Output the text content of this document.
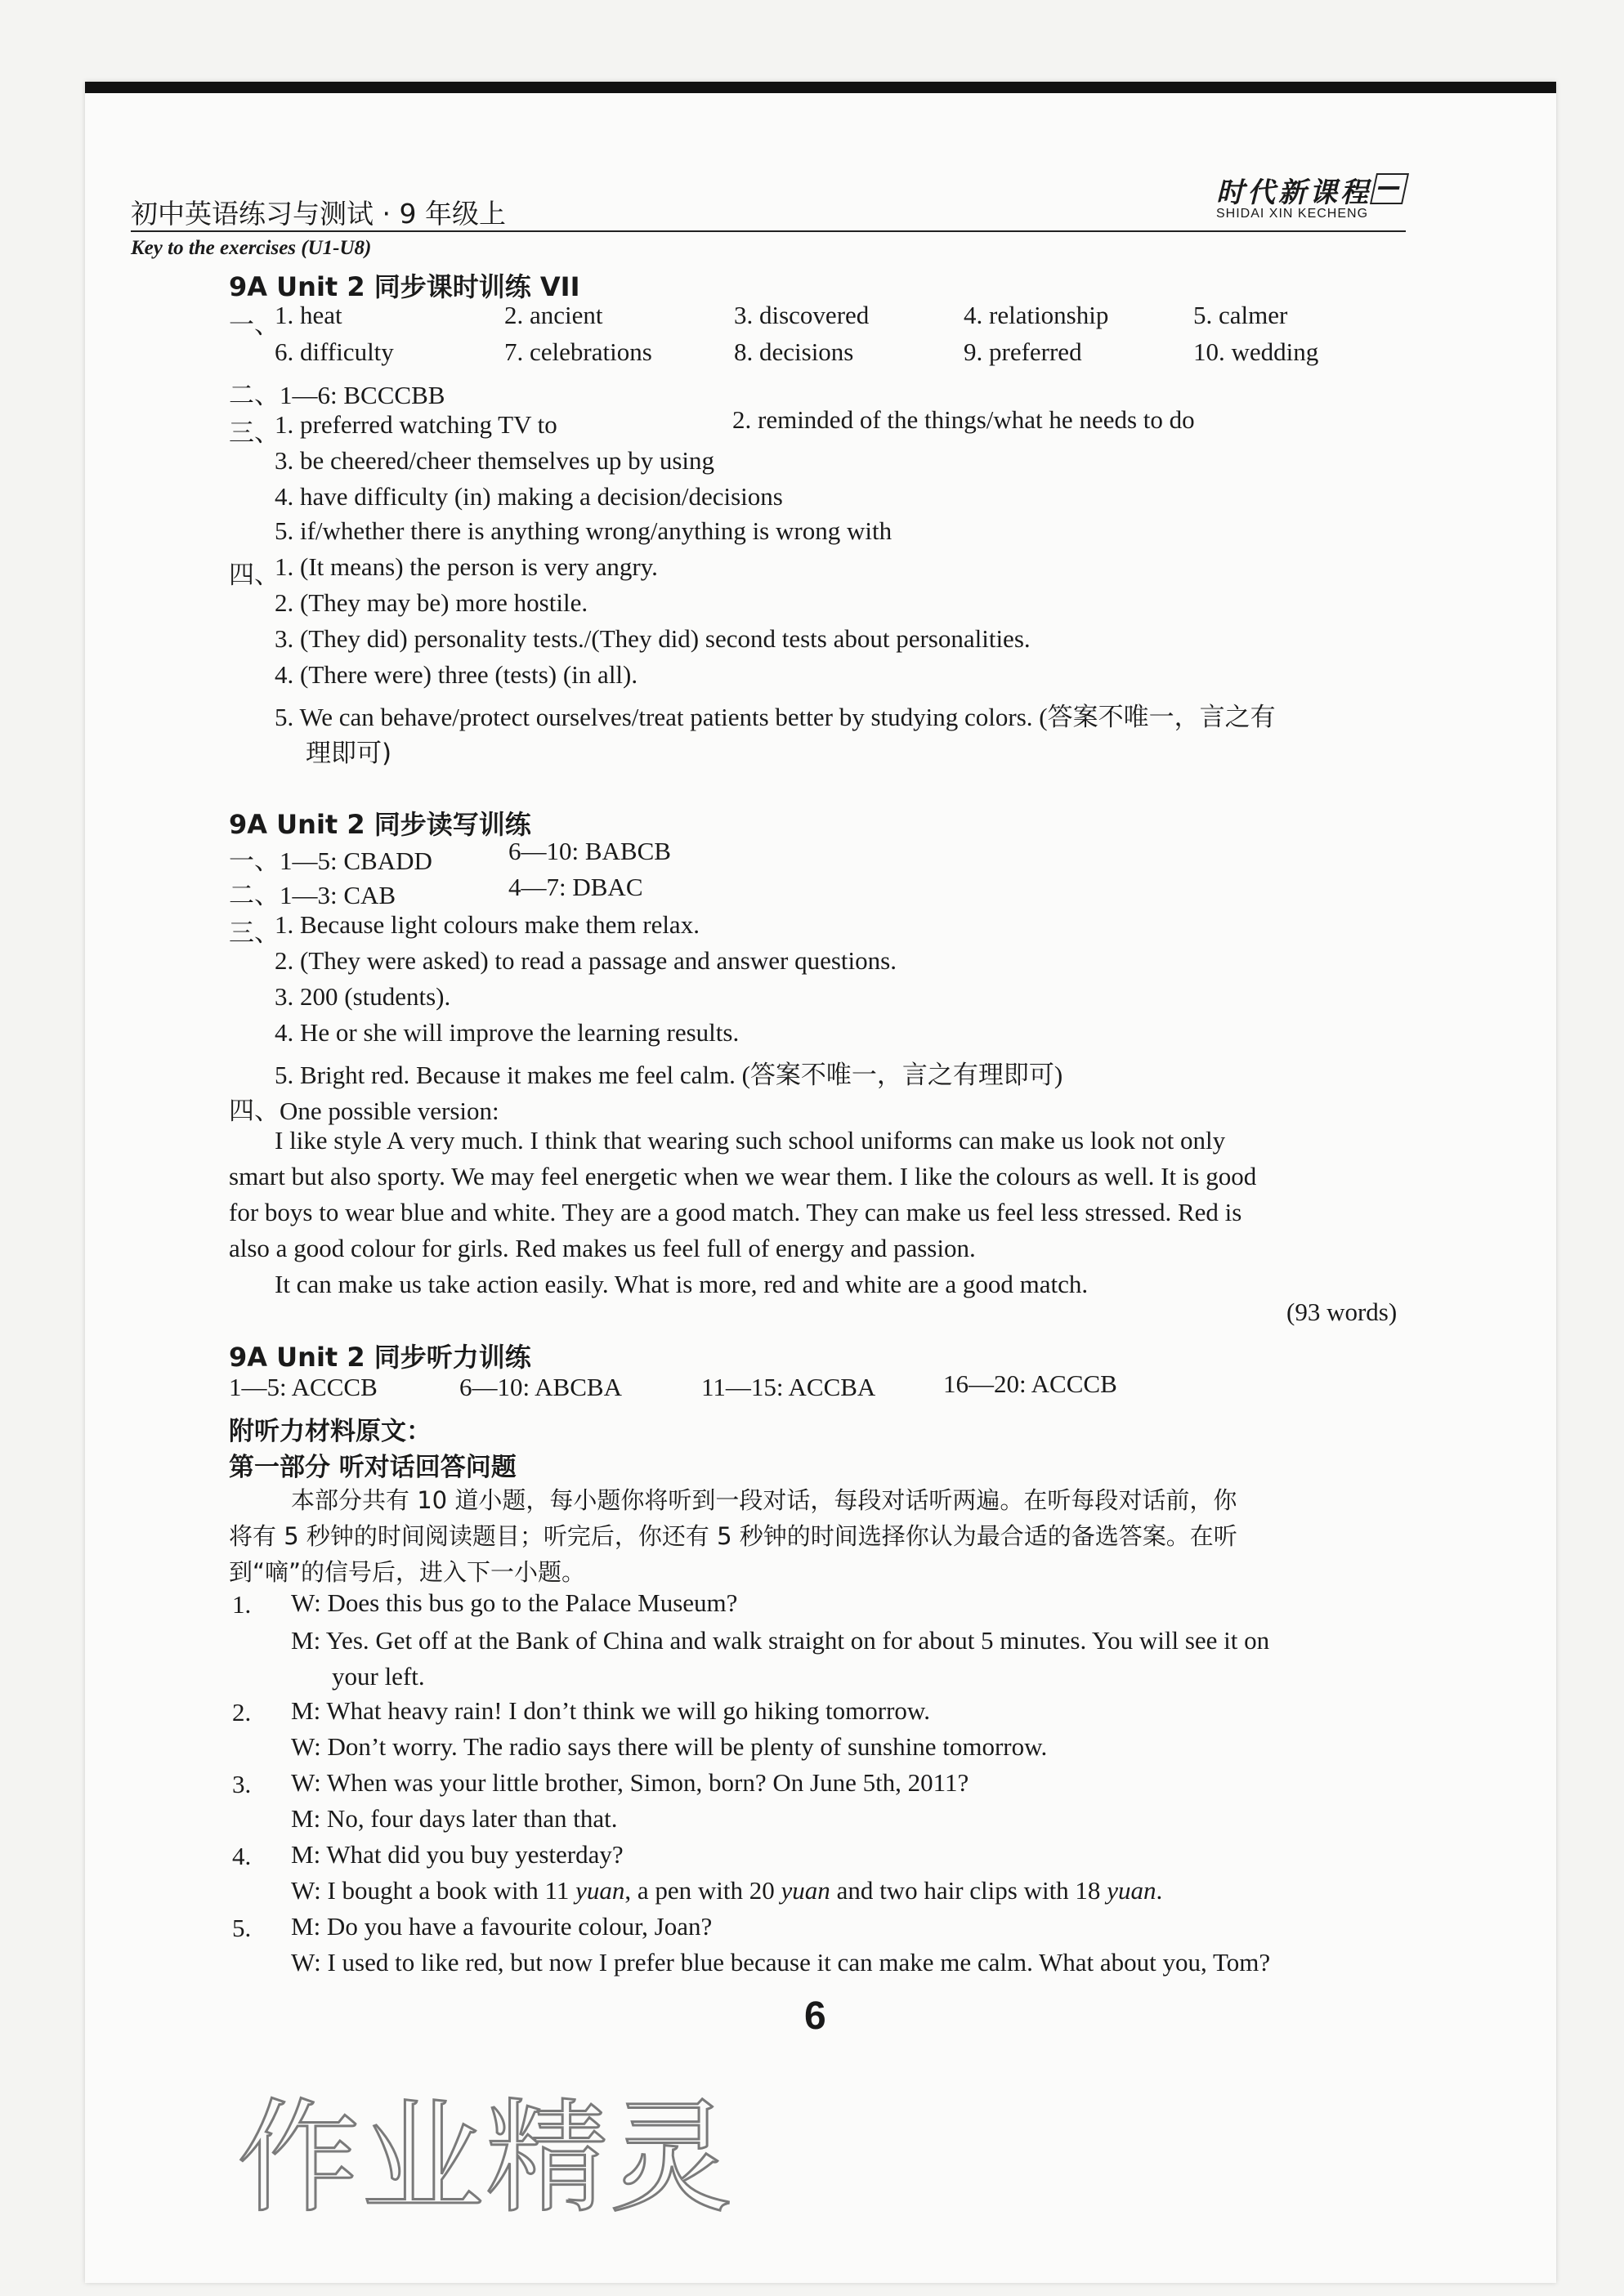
初中英语练习与测试 · 9 年级上
Key to the exercises (U1-U8)
时代新课程
SHIDAI XIN KECHENG
9A Unit 2 同步课时训练 VII
一、
1. heat	2. ancient	3. discovered	4. relationship	5. calmer
6. difficulty	7. celebrations	8. decisions	9. preferred	10. wedding
二、1—6: BCCCBB
三、
1. preferred watching TV to	2. reminded of the things/what he needs to do
3. be cheered/cheer themselves up by using
4. have difficulty (in) making a decision/decisions
5. if/whether there is anything wrong/anything is wrong with
四、
1. (It means) the person is very angry.
2. (They may be) more hostile.
3. (They did) personality tests./(They did) second tests about personalities.
4. (There were) three (tests) (in all).
5. We can behave/protect ourselves/treat patients better by studying colors. (答案不唯一，言之有
理即可)
9A Unit 2 同步读写训练
一、1—5: CBADD	6—10: BABCB
二、1—3: CAB	4—7: DBAC
三、
1. Because light colours make them relax.
2. (They were asked) to read a passage and answer questions.
3. 200 (students).
4. He or she will improve the learning results.
5. Bright red. Because it makes me feel calm. (答案不唯一，言之有理即可)
四、One possible version:
I like style A very much. I think that wearing such school uniforms can make us look not only
smart but also sporty. We may feel energetic when we wear them. I like the colours as well. It is good
for boys to wear blue and white. They are a good match. They can make us feel less stressed. Red is
also a good colour for girls. Red makes us feel full of energy and passion.
It can make us take action easily. What is more, red and white are a good match.
(93 words)
9A Unit 2 同步听力训练
1—5: ACCCB	6—10: ABCBA	11—15: ACCBA	16—20: ACCCB
附听力材料原文：
第一部分 听对话回答问题
本部分共有 10 道小题，每小题你将听到一段对话，每段对话听两遍。在听每段对话前，你
将有 5 秒钟的时间阅读题目；听完后，你还有 5 秒钟的时间选择你认为最合适的备选答案。在听
到“嘀”的信号后，进入下一小题。
1. W: Does this bus go to the Palace Museum?
M: Yes. Get off at the Bank of China and walk straight on for about 5 minutes. You will see it on
your left.
2. M: What heavy rain! I don’t think we will go hiking tomorrow.
W: Don’t worry. The radio says there will be plenty of sunshine tomorrow.
3. W: When was your little brother, Simon, born? On June 5th, 2011?
M: No, four days later than that.
4. M: What did you buy yesterday?
W: I bought a book with 11 yuan, a pen with 20 yuan and two hair clips with 18 yuan.
5. M: Do you have a favourite colour, Joan?
W: I used to like red, but now I prefer blue because it can make me calm. What about you, Tom?
6
作业精灵
